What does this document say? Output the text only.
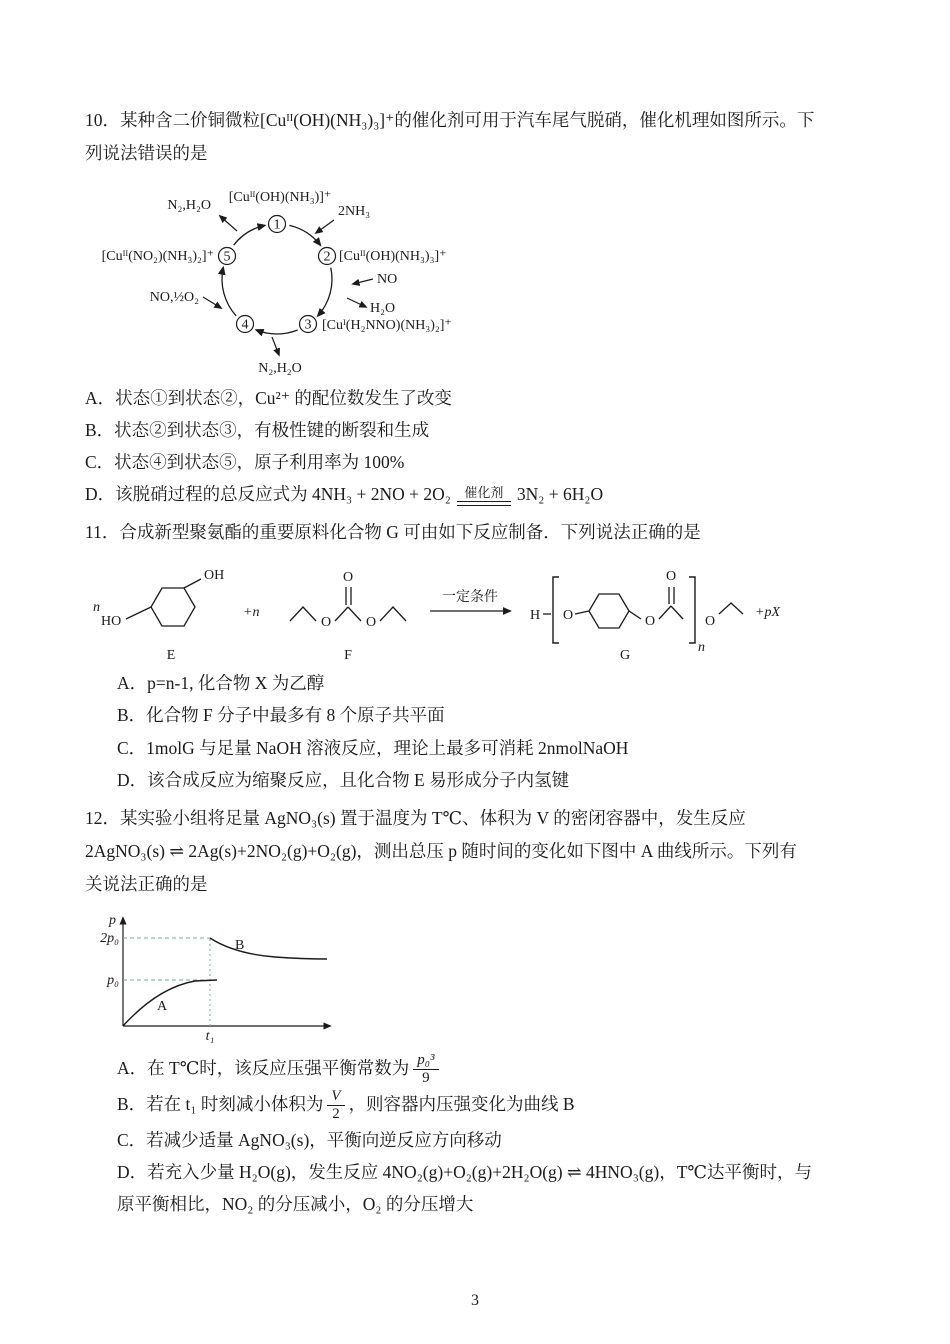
10．某种含二价铜微粒[Cuᴵᴵ(OH)(NH₃)₃]⁺的催化剂可用于汽车尾气脱硝，催化机理如图所示。下
列说法错误的是
1
2
3
4
5
[Cuᴵᴵ(OH)(NH₃)]⁺
N₂,H₂O	2NH₃
[Cuᴵᴵ(OH)(NH₃)₃]⁺
NO
H₂O
[Cuᴵ(H₂NNO)(NH₃)₂]⁺
N₂,H₂O
NO,½O₂
[Cuᴵᴵ(NO₂)(NH₃)₂]⁺
A．状态①到状态②，Cu²⁺ 的配位数发生了改变
B．状态②到状态③，有极性键的断裂和生成
C．状态④到状态⑤，原子利用率为 100%
D．该脱硝过程的总反应式为 4NH₃ + 2NO + 2O₂ 催化剂 3N₂ + 6H₂O
11．合成新型聚氨酯的重要原料化合物 G 可由如下反应制备．下列说法正确的是
n
HO
OH
E
+n
O
O
O
F
一定条件
H O	O
O
O
n
G
+pX
A．p=n-1, 化合物 X 为乙醇
B．化合物 F 分子中最多有 8 个原子共平面
C．1molG 与足量 NaOH 溶液反应，理论上最多可消耗 2nmolNaOH
D．该合成反应为缩聚反应，且化合物 E 易形成分子内氢键
12．某实验小组将足量 AgNO₃(s) 置于温度为 T℃、体积为 V 的密闭容器中，发生反应
2AgNO₃(s) ⇌ 2Ag(s)+2NO₂(g)+O₂(g)，测出总压 p 随时间的变化如下图中 A 曲线所示。下列有
关说法正确的是
p
2p₀
p₀
t₁
A
B
A．在 T℃时，该反应压强平衡常数为 $\frac{\text{p₀³}}{9}$
B．若在 t₁ 时刻减小体积为 $\frac{V}{2}$ ，则容器内压强变化为曲线 B
C．若减少适量 AgNO₃(s)，平衡向逆反应方向移动
D．若充入少量 H₂O(g)，发生反应 4NO₂(g)+O₂(g)+2H₂O(g) ⇌ 4HNO₃(g)，T℃达平衡时，与
原平衡相比，NO₂ 的分压减小，O₂ 的分压增大
3
